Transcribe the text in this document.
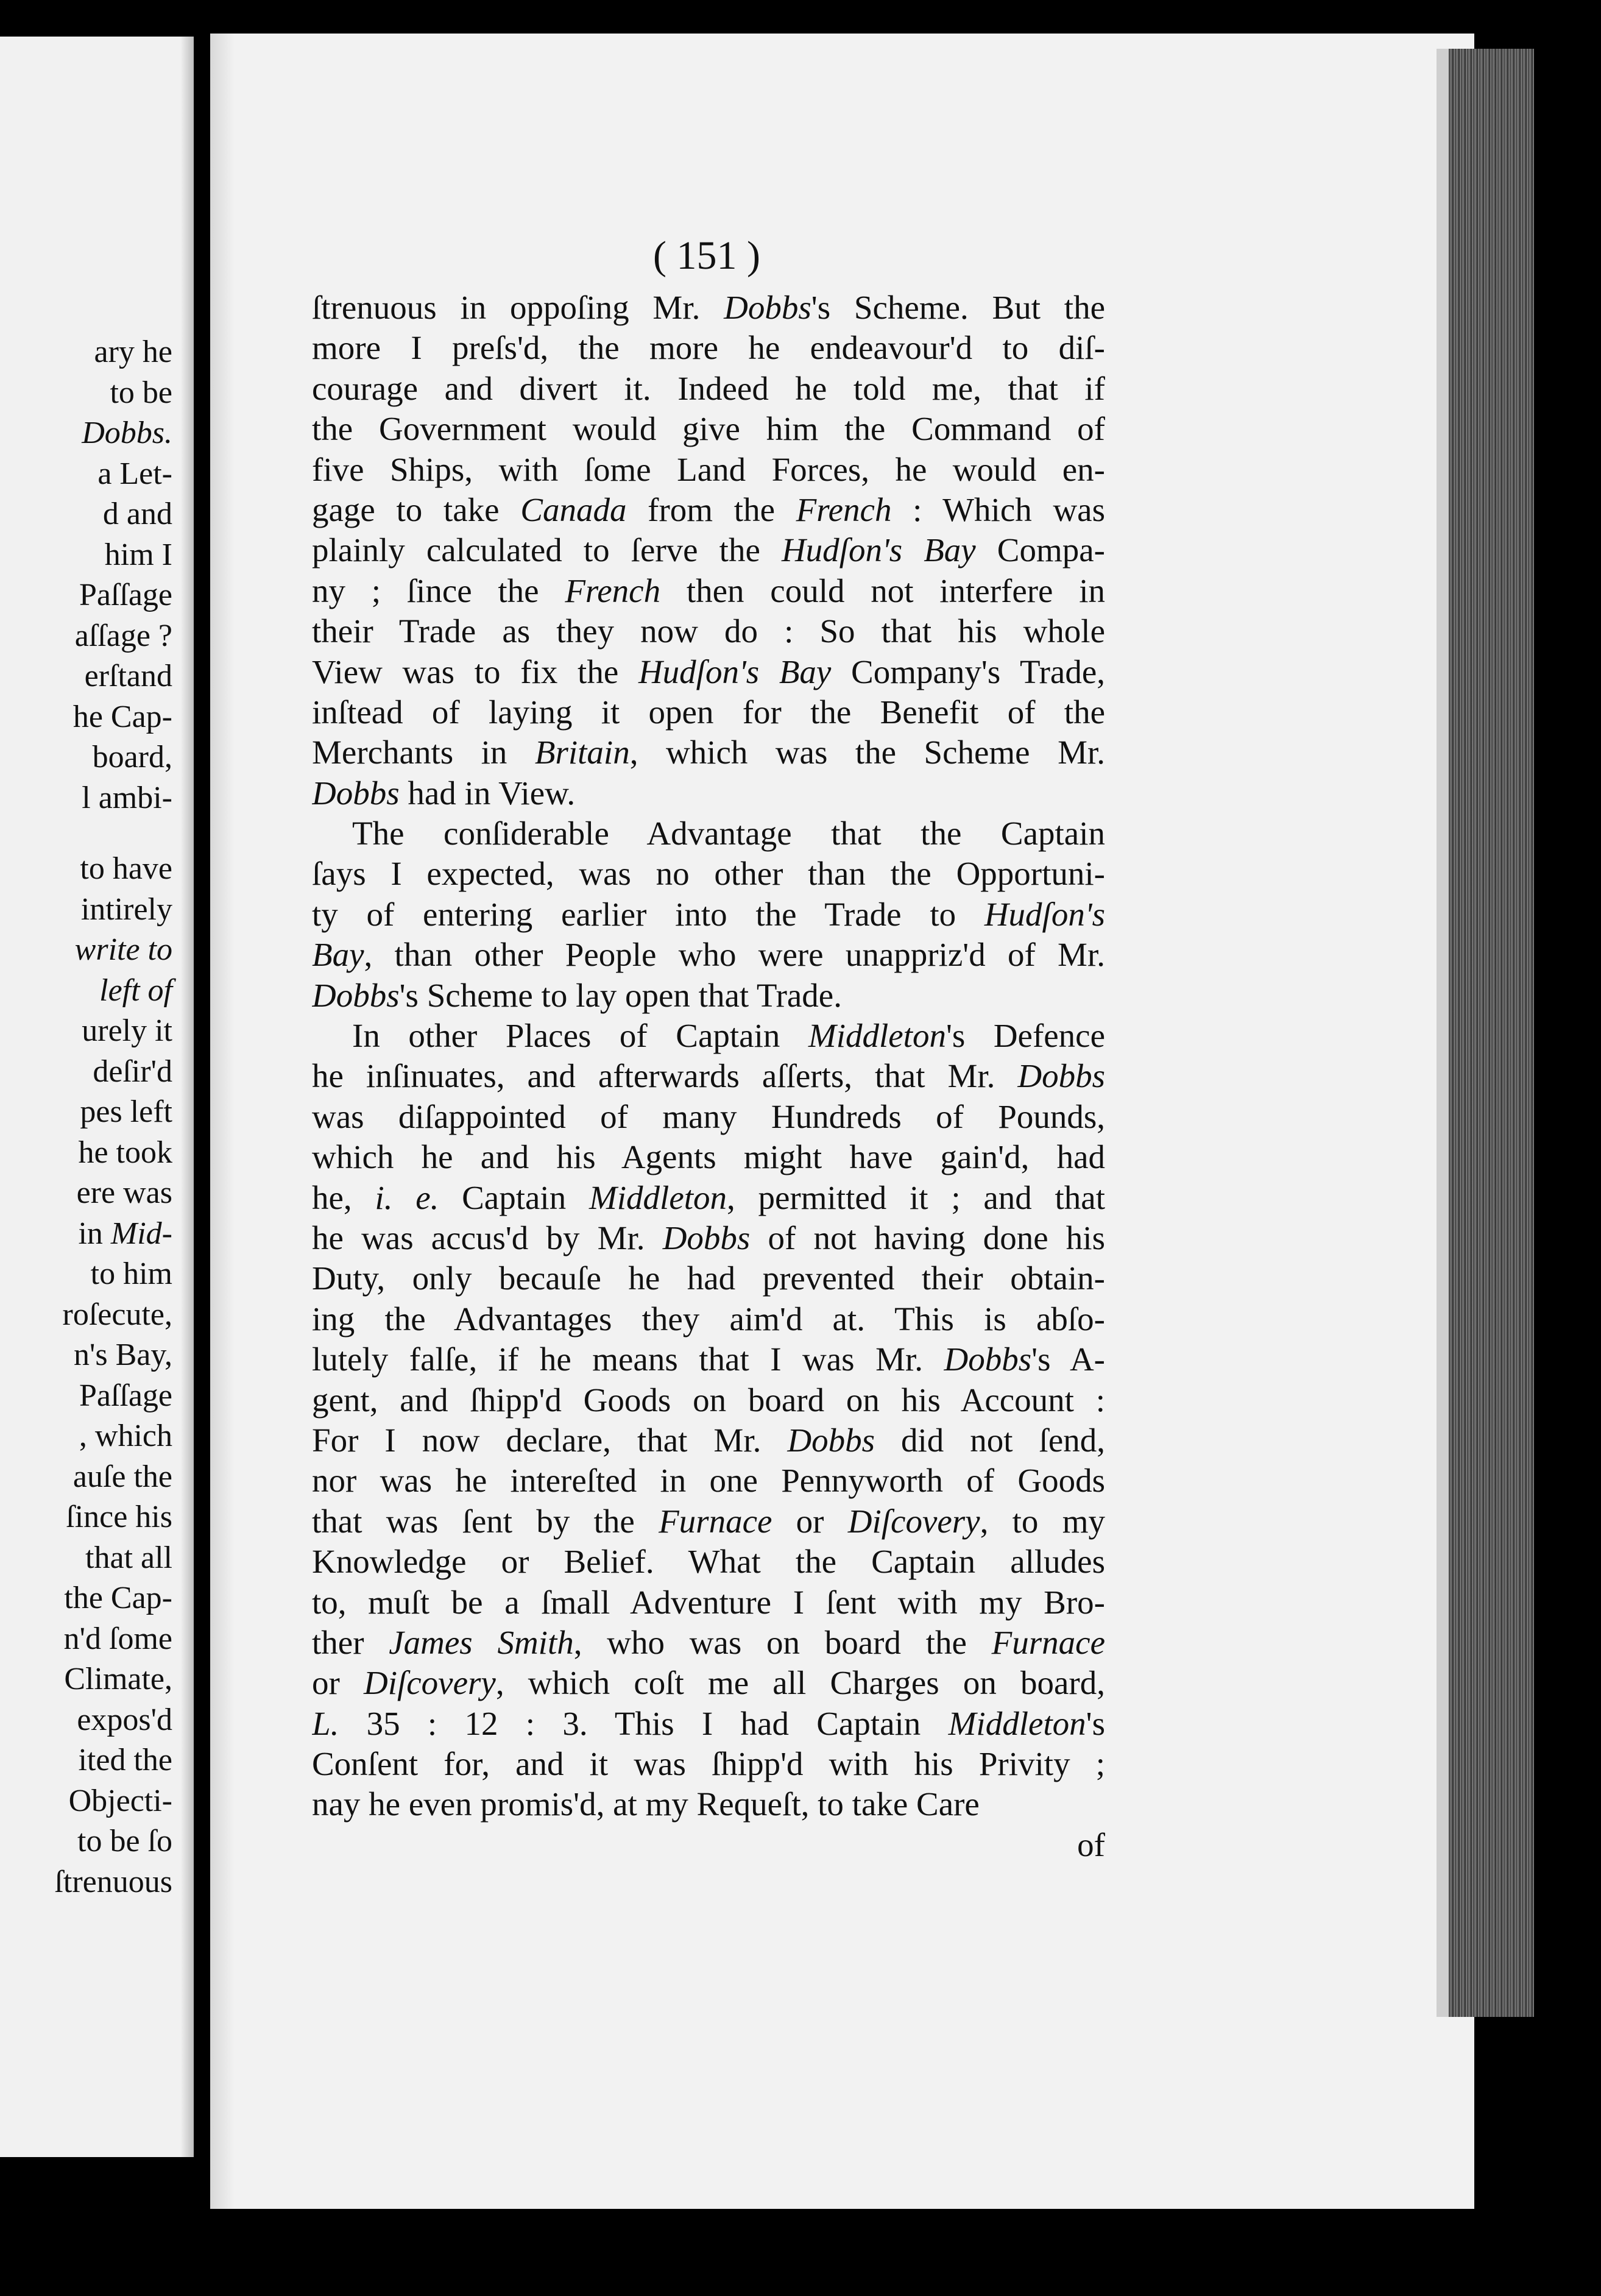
ary he
to be
Dobbs.
a Let-
d and
him I
Paſſage
aſſage ?
erſtand
he Cap-
board,
l ambi-
to have
intirely
write to
left of
urely it
deſir'd
pes left
he took
ere was
in Mid-
to him
roſecute,
n's Bay,
Paſſage
, which
auſe the
ſince his
that all
the Cap-
n'd ſome
Climate,
expos'd
ited the
Objecti-
to be ſo
ſtrenuous
( 151 )
ſtrenuous in oppoſing Mr. Dobbs's Scheme. But the
more I preſs'd, the more he endeavour'd to diſ-
courage and divert it. Indeed he told me, that if
the Government would give him the Command of
five Ships, with ſome Land Forces, he would en-
gage to take Canada from the French : Which was
plainly calculated to ſerve the Hudſon's Bay Compa-
ny ; ſince the French then could not interfere in
their Trade as they now do : So that his whole
View was to fix the Hudſon's Bay Company's Trade,
inſtead of laying it open for the Benefit of the
Merchants in Britain, which was the Scheme Mr.
Dobbs had in View.
The conſiderable Advantage that the Captain
ſays I expected, was no other than the Opportuni-
ty of entering earlier into the Trade to Hudſon's
Bay, than other People who were unappriz'd of Mr.
Dobbs's Scheme to lay open that Trade.
In other Places of Captain Middleton's Defence
he inſinuates, and afterwards aſſerts, that Mr. Dobbs
was diſappointed of many Hundreds of Pounds,
which he and his Agents might have gain'd, had
he, i. e. Captain Middleton, permitted it ; and that
he was accus'd by Mr. Dobbs of not having done his
Duty, only becauſe he had prevented their obtain-
ing the Advantages they aim'd at. This is abſo-
lutely falſe, if he means that I was Mr. Dobbs's A-
gent, and ſhipp'd Goods on board on his Account :
For I now declare, that Mr. Dobbs did not ſend,
nor was he intereſted in one Pennyworth of Goods
that was ſent by the Furnace or Diſcovery, to my
Knowledge or Belief. What the Captain alludes
to, muſt be a ſmall Adventure I ſent with my Bro-
ther James Smith, who was on board the Furnace
or Diſcovery, which coſt me all Charges on board,
L. 35 : 12 : 3. This I had Captain Middleton's
Conſent for, and it was ſhipp'd with his Privity ;
nay he even promis'd, at my Requeſt, to take Care
of
